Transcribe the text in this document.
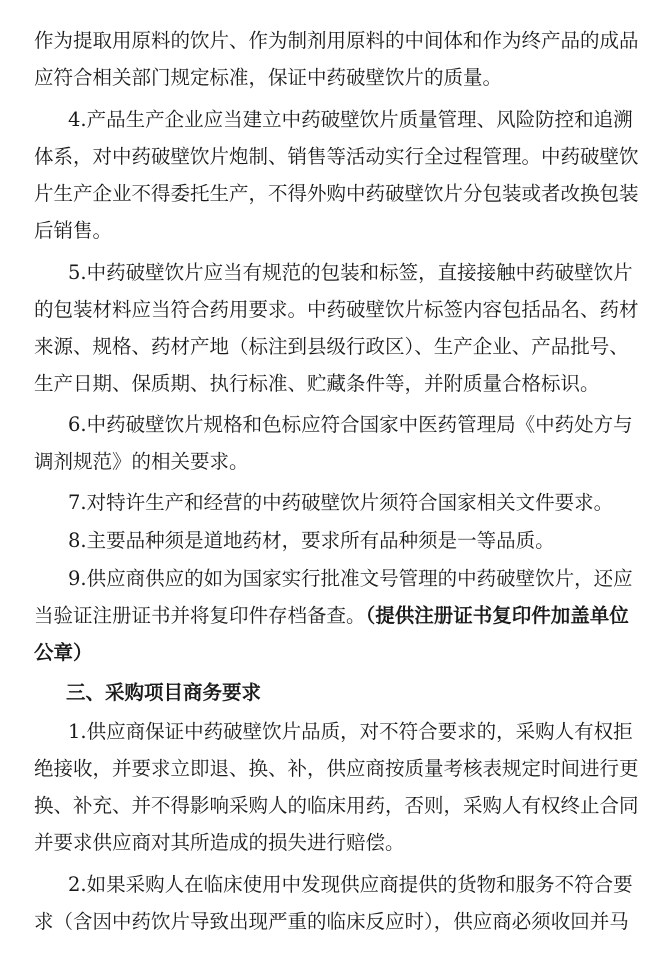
作为提取用原料的饮片、作为制剂用原料的中间体和作为终产品的成品
应符合相关部门规定标准，保证中药破壁饮片的质量。
4.产品生产企业应当建立中药破壁饮片质量管理、风险防控和追溯
体系，对中药破壁饮片炮制、销售等活动实行全过程管理。中药破壁饮
片生产企业不得委托生产，不得外购中药破壁饮片分包装或者改换包装
后销售。
5.中药破壁饮片应当有规范的包装和标签，直接接触中药破壁饮片
的包装材料应当符合药用要求。中药破壁饮片标签内容包括品名、药材
来源、规格、药材产地（标注到县级行政区）、生产企业、产品批号、
生产日期、保质期、执行标准、贮藏条件等，并附质量合格标识。
6.中药破壁饮片规格和色标应符合国家中医药管理局《中药处方与
调剂规范》的相关要求。
7.对特许生产和经营的中药破壁饮片须符合国家相关文件要求。
8.主要品种须是道地药材，要求所有品种须是一等品质。
9.供应商供应的如为国家实行批准文号管理的中药破壁饮片，还应
当验证注册证书并将复印件存档备查。（提供注册证书复印件加盖单位
公章）
三、采购项目商务要求
1.供应商保证中药破壁饮片品质，对不符合要求的，采购人有权拒
绝接收，并要求立即退、换、补，供应商按质量考核表规定时间进行更
换、补充、并不得影响采购人的临床用药，否则，采购人有权终止合同
并要求供应商对其所造成的损失进行赔偿。
2.如果采购人在临床使用中发现供应商提供的货物和服务不符合要
求（含因中药饮片导致出现严重的临床反应时），供应商必须收回并马
